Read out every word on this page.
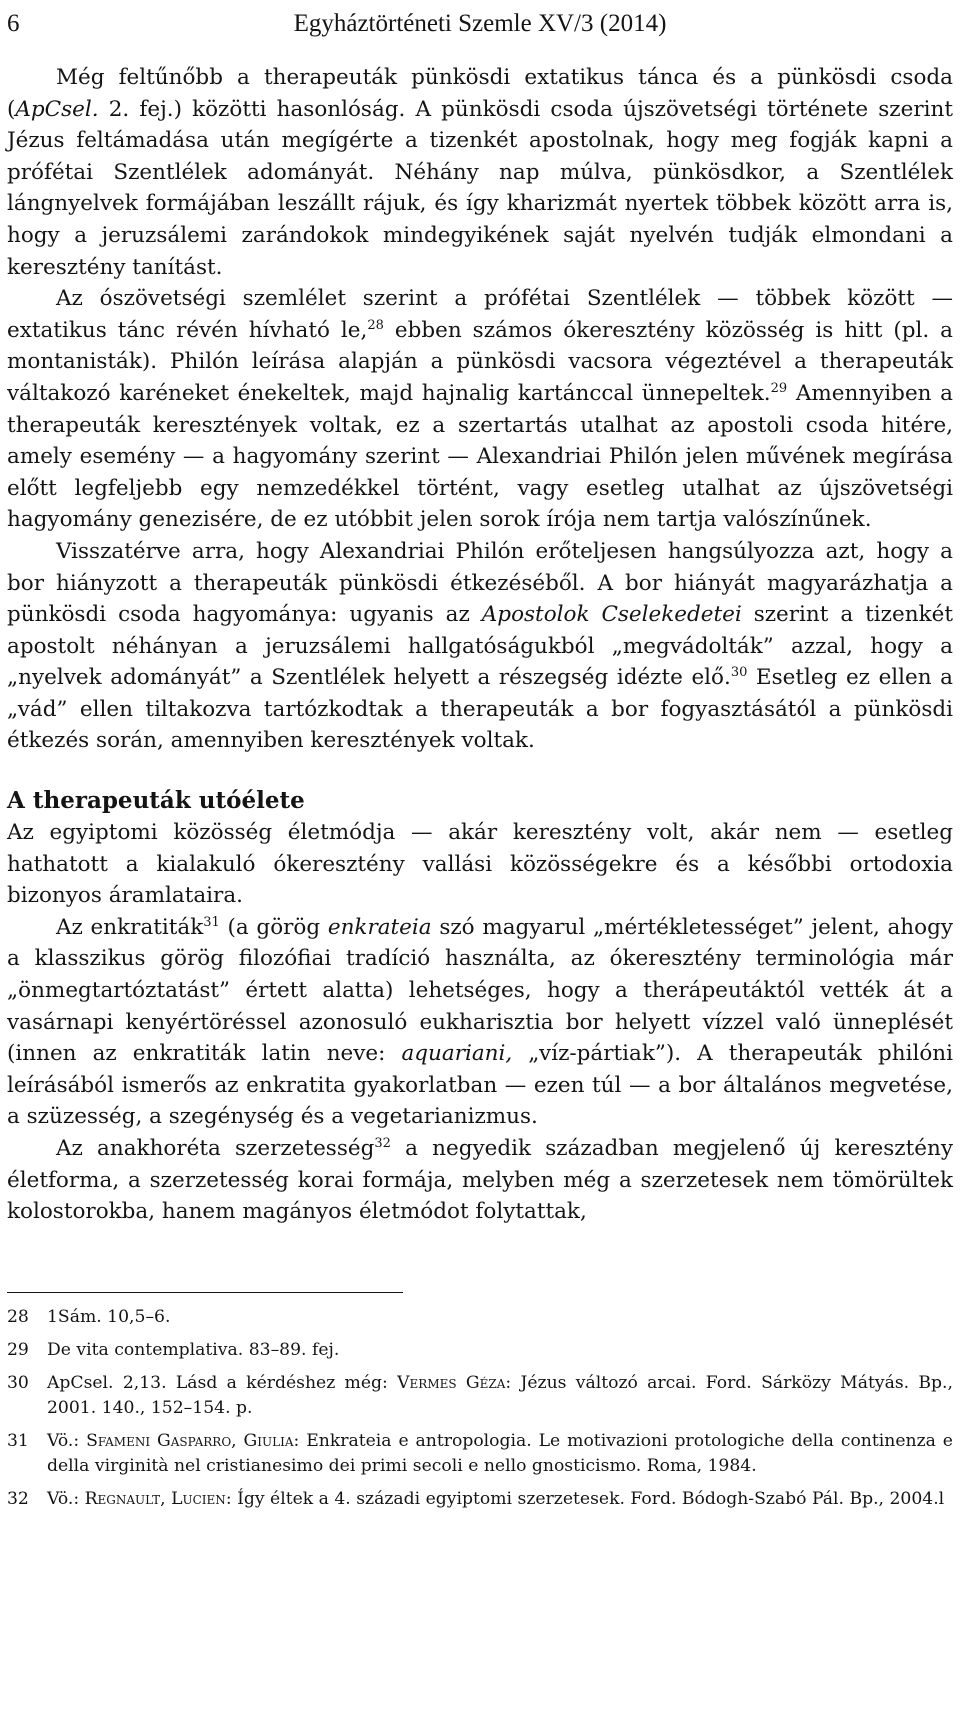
6	Egyháztörténeti Szemle XV/3 (2014)

Még feltűnőbb a therapeuták pünkösdi extatikus tánca és a pünkösdi csoda (ApCsel. 2. fej.) közötti hasonlóság. A pünkösdi csoda újszövetségi története szerint Jézus feltámadása után megígérte a tizenkét apostolnak, hogy meg fogják kapni a prófétai Szentlélek adományát. Néhány nap múlva, pünkösdkor, a Szentlélek lángnyelvek formájában leszállt rájuk, és így kharizmát nyertek többek között arra is, hogy a jeruzsálemi zarándokok mindegyikének saját nyelvén tudják elmondani a keresztény tanítást.

Az ószövetségi szemlélet szerint a prófétai Szentlélek — többek között — extatikus tánc révén hívható le,$^{28}$ ebben számos ókeresztény közösség is hitt (pl. a montanisták). Philón leírása alapján a pünkösdi vacsora végeztével a therapeuták váltakozó karéneket énekeltek, majd hajnalig kartánccal ünnepeltek.$^{29}$ Amennyiben a therapeuták keresztények voltak, ez a szertartás utalhat az apostoli csoda hitére, amely esemény — a hagyomány szerint — Alexandriai Philón jelen művének megírása előtt legfeljebb egy nemzedékkel történt, vagy esetleg utalhat az újszövetségi hagyomány genezisére, de ez utóbbit jelen sorok írója nem tartja valószínűnek.

Visszatérve arra, hogy Alexandriai Philón erőteljesen hangsúlyozza azt, hogy a bor hiányzott a therapeuták pünkösdi étkezéséből. A bor hiányát magyarázhatja a pünkösdi csoda hagyománya: ugyanis az Apostolok Cselekedetei szerint a tizenkét apostolt néhányan a jeruzsálemi hallgatóságukból „megvádolták” azzal, hogy a „nyelvek adományát” a Szentlélek helyett a részegség idézte elő.$^{30}$ Esetleg ez ellen a „vád” ellen tiltakozva tartózkodtak a therapeuták a bor fogyasztásától a pünkösdi étkezés során, amennyiben keresztények voltak.

A therapeuták utóélete

Az egyiptomi közösség életmódja — akár keresztény volt, akár nem — esetleg hathatott a kialakuló ókeresztény vallási közösségekre és a későbbi ortodoxia bizonyos áramlataira.

Az enkratiták$^{31}$ (a görög enkrateia szó magyarul „mértékletességet” jelent, ahogy a klasszikus görög filozófiai tradíció használta, az ókeresztény terminológia már „önmegtartóztatást” értett alatta) lehetséges, hogy a therápeutáktól vették át a vasárnapi kenyértöréssel azonosuló eukharisztia bor helyett vízzel való ünneplését (innen az enkratiták latin neve: aquariani, „víz-pártiak”). A therapeuták philóni leírásából ismerős az enkratita gyakorlatban — ezen túl — a bor általános megvetése, a szüzesség, a szegénység és a vegetarianizmus.

Az anakhoréta szerzetesség$^{32}$ a negyedik században megjelenő új keresztény életforma, a szerzetesség korai formája, melyben még a szerzetesek nem tömörültek kolostorokba, hanem magányos életmódot folytattak,

28 1Sám. 10,5–6.
29 De vita contemplativa. 83–89. fej.
30 ApCsel. 2,13. Lásd a kérdéshez még: Vermes Géza: Jézus változó arcai. Ford. Sárközy Mátyás. Bp., 2001. 140., 152–154. p.
31 Vö.: Sfameni Gasparro, Giulia: Enkrateia e antropologia. Le motivazioni protologiche della continenza e della virginità nel cristianesimo dei primi secoli e nello gnosticismo. Roma, 1984.
32 Vö.: Regnault, Lucien: Így éltek a 4. századi egyiptomi szerzetesek. Ford. Bódogh-Szabó Pál. Bp., 2004.l
